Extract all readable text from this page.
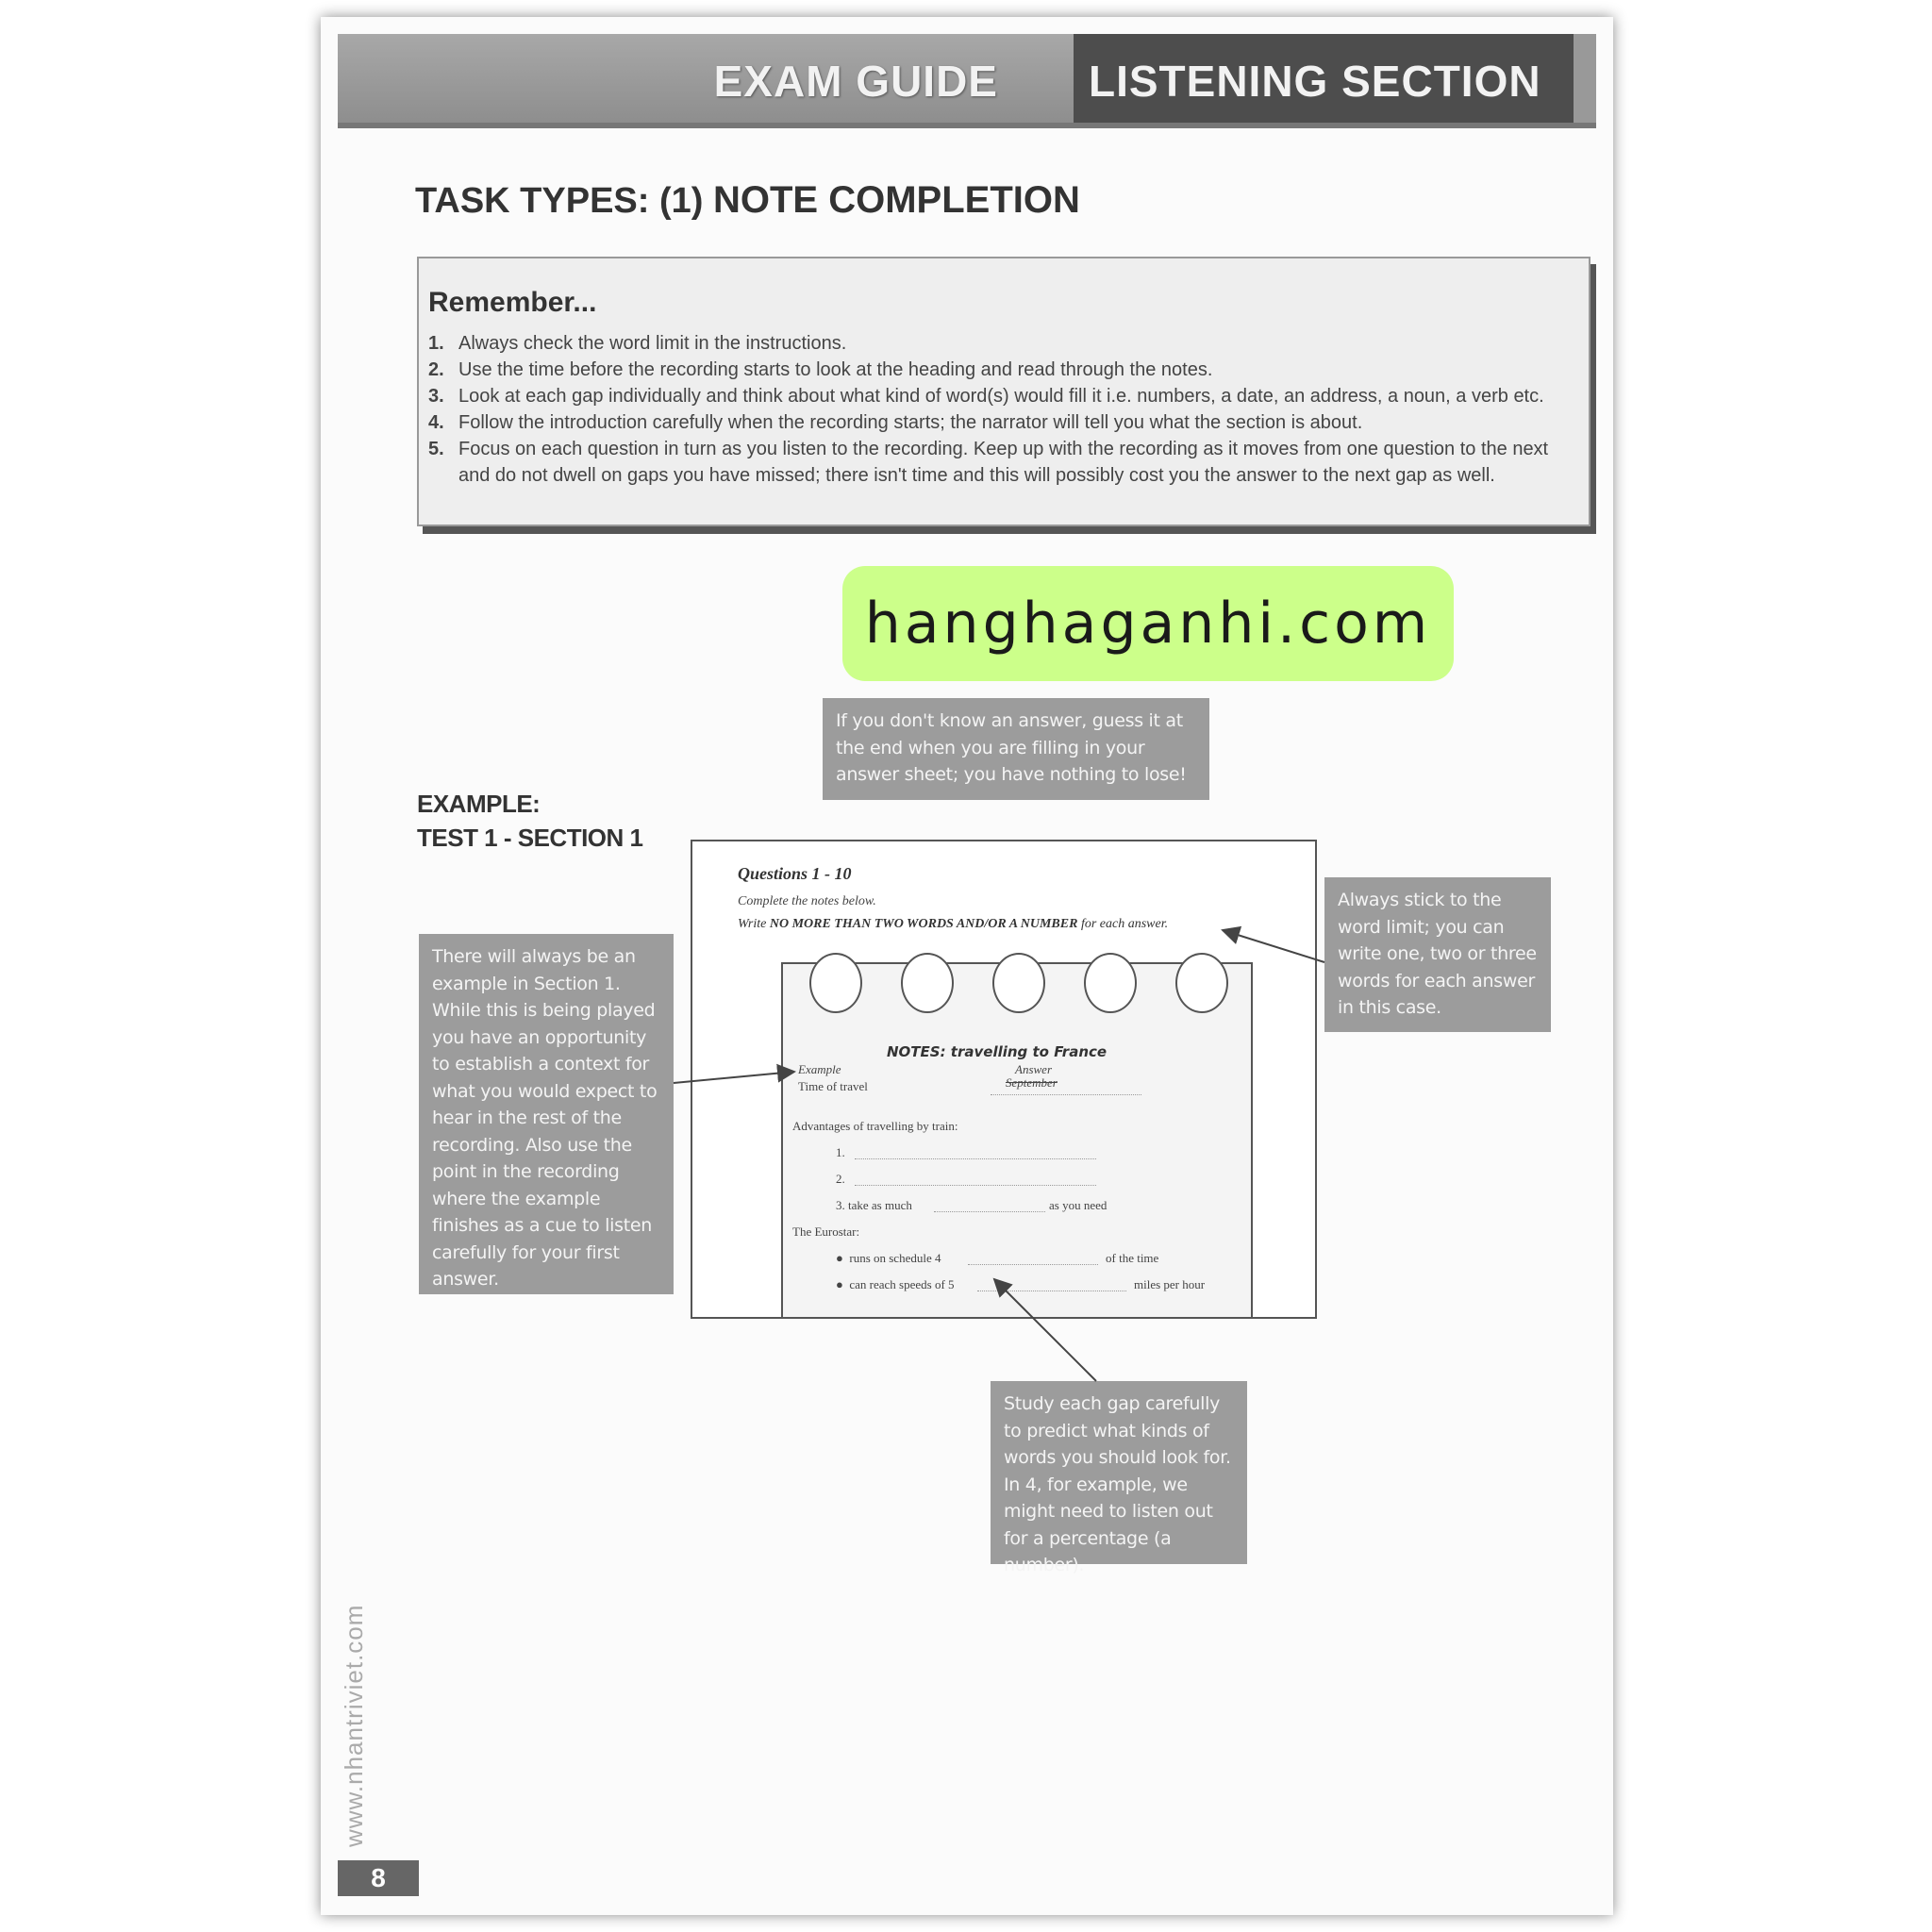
EXAM GUIDE	LISTENING SECTION
TASK TYPES: (1) NOTE COMPLETION
Remember...
1. Always check the word limit in the instructions.
2. Use the time before the recording starts to look at the heading and read through the notes.
3. Look at each gap individually and think about what kind of word(s) would fill it i.e. numbers, a date, an address, a noun, a verb etc.
4. Follow the introduction carefully when the recording starts; the narrator will tell you what the section is about.
5. Focus on each question in turn as you listen to the recording. Keep up with the recording as it moves from one question to the next and do not dwell on gaps you have missed; there isn't time and this will possibly cost you the answer to the next gap as well.
hanghaganhi.com

If you don't know an answer, guess it at the end when you are filling in your answer sheet; you have nothing to lose!

EXAMPLE:
TEST 1 - SECTION 1

There will always be an example in Section 1. While this is being played you have an opportunity to establish a context for what you would expect to hear in the rest of the recording. Also use the point in the recording where the example finishes as a cue to listen carefully for your first answer.

Always stick to the word limit; you can write one, two or three words for each answer in this case.

Study each gap carefully to predict what kinds of words you should look for. In 4, for example, we might need to listen out for a percentage (a number).

Questions 1 - 10
Complete the notes below.
Write NO MORE THAN TWO WORDS AND/OR A NUMBER for each answer.
NOTES: travelling to France
Example	Answer
Time of travel	September
Advantages of travelling by train:
1.
2.
3. take as much	as you need
The Eurostar:
●  runs on schedule 4	of the time
●  can reach speeds of 5	miles per hour
www.nhantriviet.com
8
